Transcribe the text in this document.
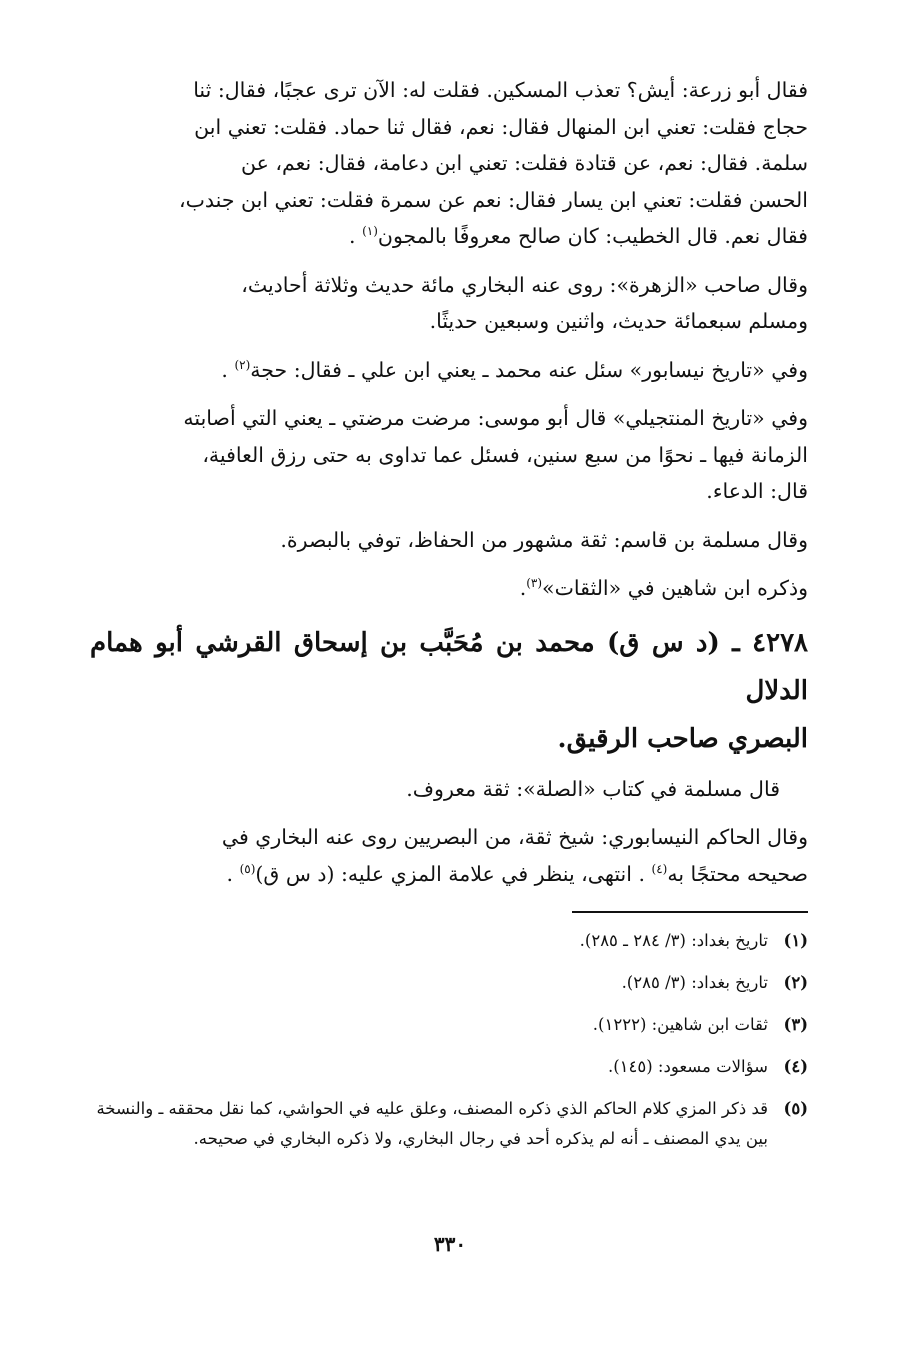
فقال أبو زرعة: أيش؟ تعذب المسكين. فقلت له: الآن ترى عجبًا، فقال: ثنا
حجاج فقلت: تعني ابن المنهال فقال: نعم، فقال ثنا حماد. فقلت: تعني ابن
سلمة. فقال: نعم، عن قتادة فقلت: تعني ابن دعامة، فقال: نعم، عن
الحسن فقلت: تعني ابن يسار فقال: نعم عن سمرة فقلت: تعني ابن جندب،
فقال نعم. قال الخطيب: كان صالح معروفًا بالمجون$^{(١)}$ .
وقال صاحب «الزهرة»: روى عنه البخاري مائة حديث وثلاثة أحاديث،
ومسلم سبعمائة حديث، واثنين وسبعين حديثًا.
وفي «تاريخ نيسابور» سئل عنه محمد ـ يعني ابن علي ـ فقال: حجة$^{(٢)}$ .
وفي «تاريخ المنتجيلي» قال أبو موسى: مرضت مرضتي ـ يعني التي أصابته
الزمانة فيها ـ نحوًا من سبع سنين، فسئل عما تداوى به حتى رزق العافية،
قال: الدعاء.
وقال مسلمة بن قاسم: ثقة مشهور من الحفاظ، توفي بالبصرة.
وذكره ابن شاهين في «الثقات»$^{(٣)}$.
٤٢٧٨ ـ (د س ق) محمد بن مُحَبَّب بن إسحاق القرشي أبو همام الدلال
البصري صاحب الرقيق.
قال مسلمة في كتاب «الصلة»: ثقة معروف.
وقال الحاكم النيسابوري: شيخ ثقة، من البصريين روى عنه البخاري في
صحيحه محتجًا به$^{(٤)}$ . انتهى، ينظر في علامة المزي عليه: (د س ق)$^{(٥)}$ .
(١)
تاريخ بغداد: (٣/ ٢٨٤ ـ ٢٨٥).
(٢)
تاريخ بغداد: (٣/ ٢٨٥).
(٣)
ثقات ابن شاهين: (١٢٢٢).
(٤)
سؤالات مسعود: (١٤٥).
(٥)
قد ذكر المزي كلام الحاكم الذي ذكره المصنف، وعلق عليه في الحواشي، كما نقل محققه ـ والنسخة بين يدي المصنف ـ أنه لم يذكره أحد في رجال البخاري، ولا ذكره البخاري في صحيحه.
٣٣٠
